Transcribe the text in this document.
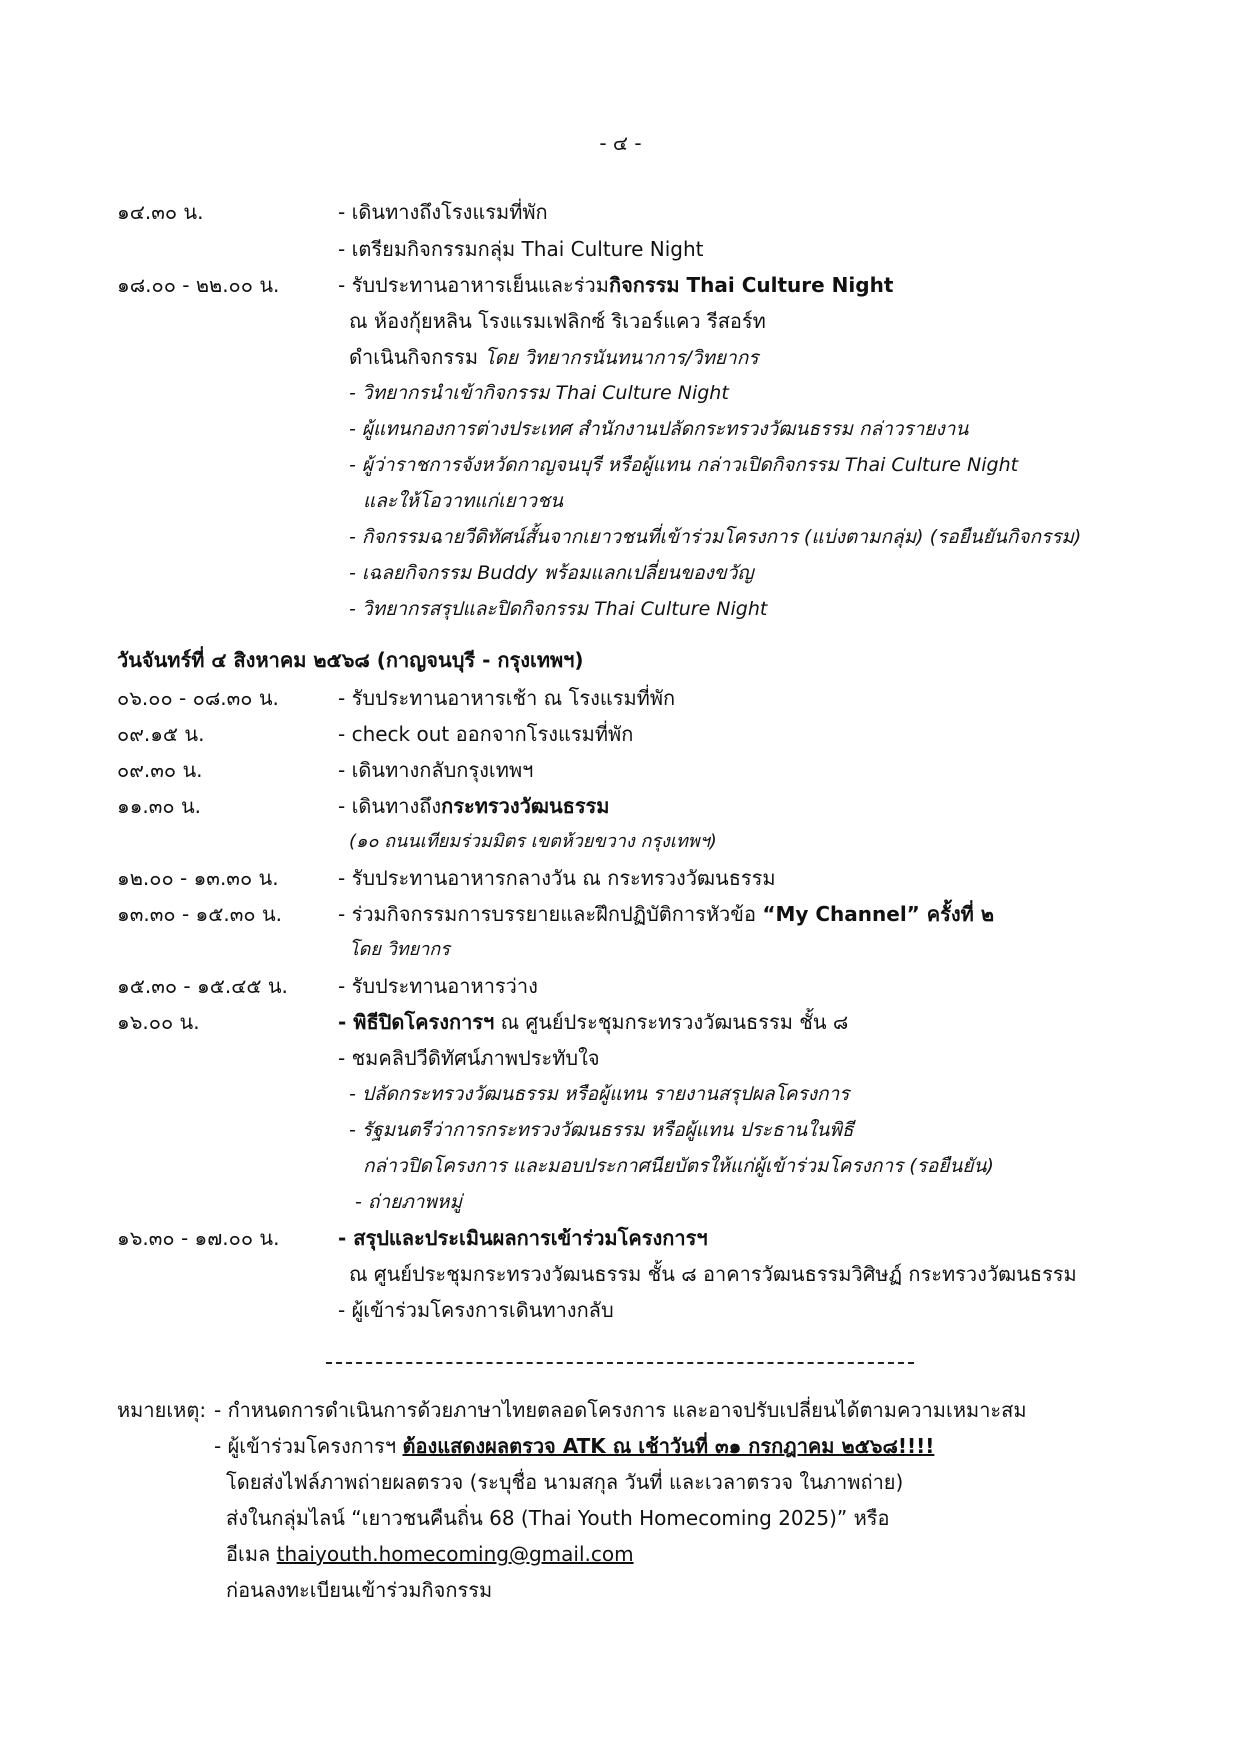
- ๔ -
๑๔.๓๐ น.	- เดินทางถึงโรงแรมที่พัก
- เตรียมกิจกรรมกลุ่ม Thai Culture Night
๑๘.๐๐ - ๒๒.๐๐ น.	- รับประทานอาหารเย็นและร่วมกิจกรรม Thai Culture Night
ณ ห้องกุ้ยหลิน โรงแรมเฟลิกซ์ ริเวอร์แคว รีสอร์ท
ดำเนินกิจกรรม โดย วิทยากรนันทนาการ/วิทยากร
- วิทยากรนำเข้ากิจกรรม Thai Culture Night
- ผู้แทนกองการต่างประเทศ สำนักงานปลัดกระทรวงวัฒนธรรม กล่าวรายงาน
- ผู้ว่าราชการจังหวัดกาญจนบุรี หรือผู้แทน กล่าวเปิดกิจกรรม Thai Culture Night
และให้โอวาทแก่เยาวชน
- กิจกรรมฉายวีดิทัศน์สั้นจากเยาวชนที่เข้าร่วมโครงการ (แบ่งตามกลุ่ม) (รอยืนยันกิจกรรม)
- เฉลยกิจกรรม Buddy พร้อมแลกเปลี่ยนของขวัญ
- วิทยากรสรุปและปิดกิจกรรม Thai Culture Night
วันจันทร์ที่ ๔ สิงหาคม ๒๕๖๘ (กาญจนบุรี - กรุงเทพฯ)
๐๖.๐๐ - ๐๘.๓๐ น.	- รับประทานอาหารเช้า ณ โรงแรมที่พัก
๐๙.๑๕ น.	- check out ออกจากโรงแรมที่พัก
๐๙.๓๐ น.	- เดินทางกลับกรุงเทพฯ
๑๑.๓๐ น.	- เดินทางถึงกระทรวงวัฒนธรรม
(๑๐ ถนนเทียมร่วมมิตร เขตห้วยขวาง กรุงเทพฯ)
๑๒.๐๐ - ๑๓.๓๐ น.	- รับประทานอาหารกลางวัน ณ กระทรวงวัฒนธรรม
๑๓.๓๐ - ๑๕.๓๐ น.	- ร่วมกิจกรรมการบรรยายและฝึกปฏิบัติการหัวข้อ “My Channel” ครั้งที่ ๒
โดย วิทยากร
๑๕.๓๐ - ๑๕.๔๕ น.	- รับประทานอาหารว่าง
๑๖.๐๐ น.	- พิธีปิดโครงการฯ ณ ศูนย์ประชุมกระทรวงวัฒนธรรม ชั้น ๘
- ชมคลิปวีดิทัศน์ภาพประทับใจ
- ปลัดกระทรวงวัฒนธรรม หรือผู้แทน รายงานสรุปผลโครงการ
- รัฐมนตรีว่าการกระทรวงวัฒนธรรม หรือผู้แทน ประธานในพิธี
กล่าวปิดโครงการ และมอบประกาศนียบัตรให้แก่ผู้เข้าร่วมโครงการ (รอยืนยัน)
- ถ่ายภาพหมู่
๑๖.๓๐ - ๑๗.๐๐ น.	- สรุปและประเมินผลการเข้าร่วมโครงการฯ
ณ ศูนย์ประชุมกระทรวงวัฒนธรรม ชั้น ๘ อาคารวัฒนธรรมวิศิษฏ์ กระทรวงวัฒนธรรม
- ผู้เข้าร่วมโครงการเดินทางกลับ
หมายเหตุ: - กำหนดการดำเนินการด้วยภาษาไทยตลอดโครงการ และอาจปรับเปลี่ยนได้ตามความเหมาะสม
- ผู้เข้าร่วมโครงการฯ ต้องแสดงผลตรวจ ATK ณ เช้าวันที่ ๓๑ กรกฎาคม ๒๕๖๘!!!!
โดยส่งไฟล์ภาพถ่ายผลตรวจ (ระบุชื่อ นามสกุล วันที่ และเวลาตรวจ ในภาพถ่าย)
ส่งในกลุ่มไลน์ “เยาวชนคืนถิ่น 68 (Thai Youth Homecoming 2025)” หรือ
อีเมล thaiyouth.homecoming@gmail.com
ก่อนลงทะเบียนเข้าร่วมกิจกรรม
